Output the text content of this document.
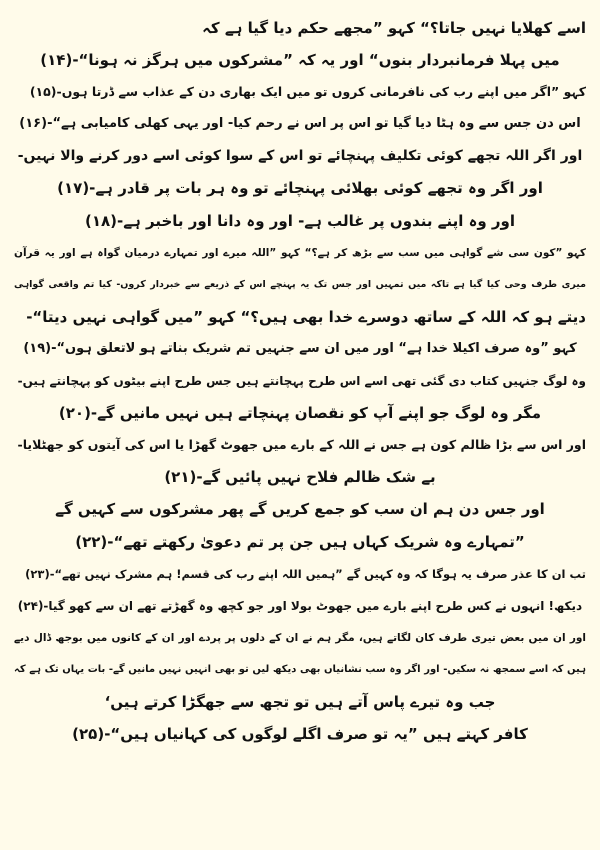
اسے کھلایا نہیں جاتا؟“ کہو ”مجھے حکم دیا گیا ہے کہ
میں پہلا فرمانبردار بنوں“ اور یہ کہ ”مشرکوں میں ہرگز نہ ہونا“-(۱۴)
کہو ”اگر میں اپنے رب کی نافرمانی کروں تو میں ایک بھاری دن کے عذاب سے ڈرتا ہوں-(۱۵)
اس دن جس سے وہ ہٹا دیا گیا تو اس پر اس نے رحم کیا- اور یہی کھلی کامیابی ہے“-(۱۶)
اور اگر اللہ تجھے کوئی تکلیف پہنچائے تو اس کے سوا کوئی اسے دور کرنے والا نہیں-
اور اگر وہ تجھے کوئی بھلائی پہنچائے تو وہ ہر بات پر قادر ہے-(۱۷)
اور وہ اپنے بندوں پر غالب ہے- اور وہ دانا اور باخبر ہے-(۱۸)
کہو ”کون سی شے گواہی میں سب سے بڑھ کر ہے؟“ کہو ”اللہ میرے اور تمہارے درمیان گواہ ہے اور یہ قرآن
میری طرف وحی کیا گیا ہے تاکہ میں تمہیں اور جس تک یہ پہنچے اس کے ذریعے سے خبردار کروں- کیا تم واقعی گواہی
دیتے ہو کہ اللہ کے ساتھ دوسرے خدا بھی ہیں؟“ کہو ”میں گواہی نہیں دیتا“-
کہو ”وہ صرف اکیلا خدا ہے“ اور میں ان سے جنہیں تم شریک بناتے ہو لاتعلق ہوں“-(۱۹)
وہ لوگ جنہیں کتاب دی گئی تھی اسے اس طرح پہچانتے ہیں جس طرح اپنے بیٹوں کو پہچانتے ہیں-
مگر وہ لوگ جو اپنے آپ کو نقصان پہنچاتے ہیں نہیں مانیں گے-(۲۰)
اور اس سے بڑا ظالم کون ہے جس نے اللہ کے بارے میں جھوٹ گھڑا یا اس کی آیتوں کو جھٹلایا-
بے شک ظالم فلاح نہیں پائیں گے-(۲۱)
اور جس دن ہم ان سب کو جمع کریں گے پھر مشرکوں سے کہیں گے
”تمہارے وہ شریک کہاں ہیں جن پر تم دعویٰ رکھتے تھے“-(۲۲)
تب ان کا عذر صرف یہ ہوگا کہ وہ کہیں گے ”ہمیں اللہ اپنے رب کی قسم! ہم مشرک نہیں تھے“-(۲۳)
دیکھ! انہوں نے کس طرح اپنے بارے میں جھوٹ بولا اور جو کچھ وہ گھڑتے تھے ان سے کھو گیا-(۲۴)
اور ان میں بعض تیری طرف کان لگاتے ہیں، مگر ہم نے ان کے دلوں پر پردے اور ان کے کانوں میں بوجھ ڈال دیے
ہیں کہ اسے سمجھ نہ سکیں- اور اگر وہ سب نشانیاں بھی دیکھ لیں تو بھی انہیں نہیں مانیں گے- بات یہاں تک ہے کہ
جب وہ تیرے پاس آتے ہیں تو تجھ سے جھگڑا کرتے ہیں‘
کافر کہتے ہیں ”یہ تو صرف اگلے لوگوں کی کہانیاں ہیں“-(۲۵)
